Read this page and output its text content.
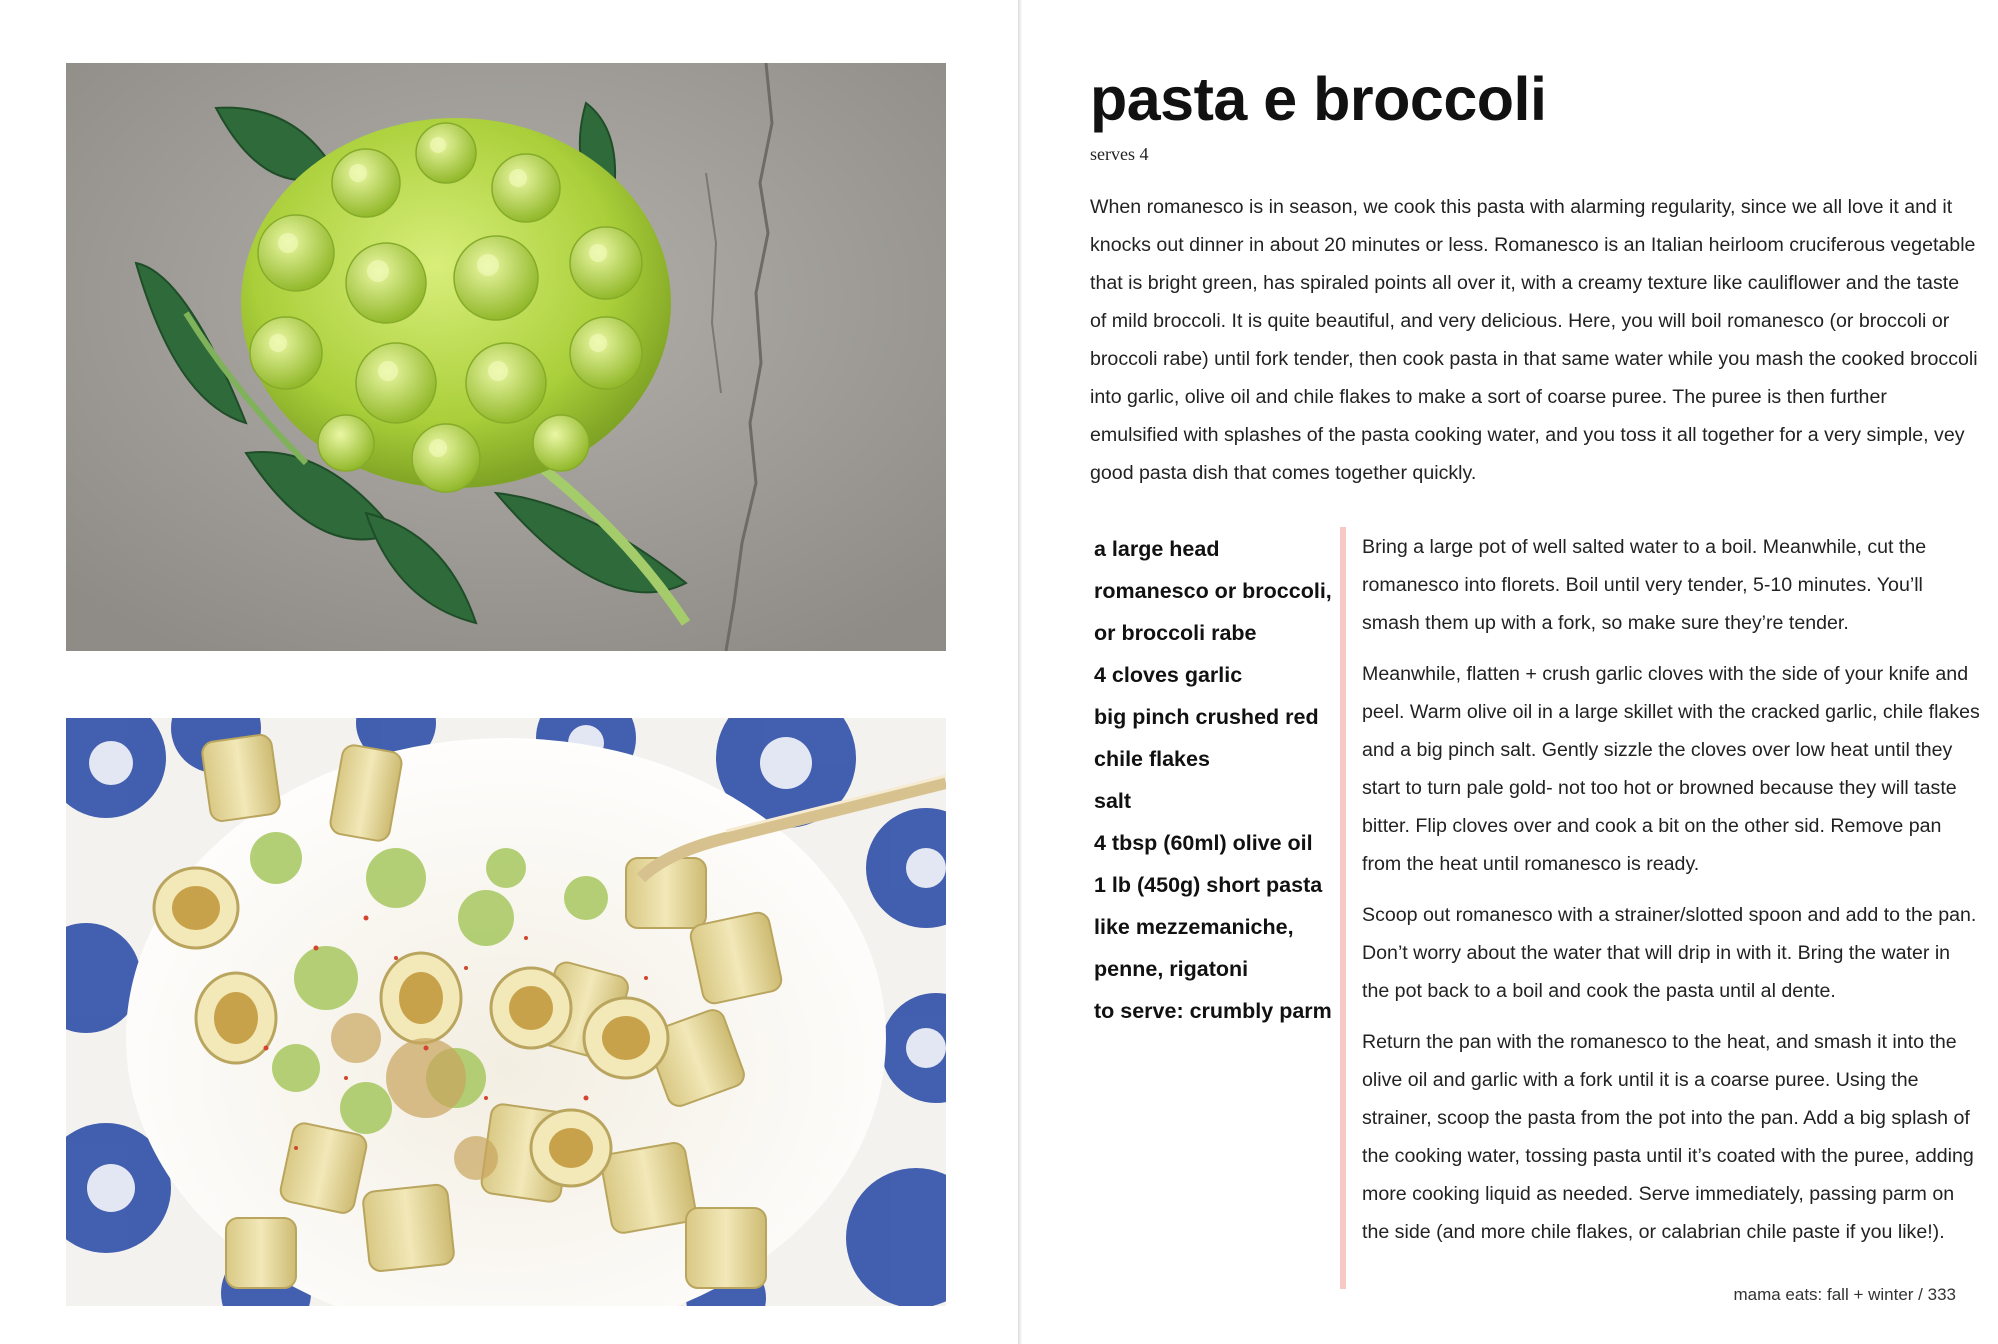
pasta e broccoli
serves 4

When romanesco is in season, we cook this pasta with alarming regularity, since we all love it and it knocks out dinner in about 20 minutes or less. Romanesco is an Italian heirloom cruciferous vegetable that is bright green, has spiraled points all over it, with a creamy texture like cauliflower and the taste of mild broccoli. It is quite beautiful, and very delicious. Here, you will boil romanesco (or broccoli or broccoli rabe) until fork tender, then cook pasta in that same water while you mash the cooked broccoli into garlic, olive oil and chile flakes to make a sort of coarse puree. The puree is then further emulsified with splashes of the pasta cooking water, and you toss it all together for a very simple, vey good pasta dish that comes together quickly.

a large head
romanesco or broccoli,
or broccoli rabe
4 cloves garlic
big pinch crushed red
chile flakes
salt
4 tbsp (60ml) olive oil
1 lb (450g) short pasta
like mezzemaniche,
penne, rigatoni
to serve: crumbly parm

Bring a large pot of well salted water to a boil. Meanwhile, cut the romanesco into florets. Boil until very tender, 5-10 minutes. You’ll smash them up with a fork, so make sure they’re tender.

Meanwhile, flatten + crush garlic cloves with the side of your knife and peel. Warm olive oil in a large skillet with the cracked garlic, chile flakes and a big pinch salt. Gently sizzle the cloves over low heat until they start to turn pale gold- not too hot or browned because they will taste bitter. Flip cloves over and cook a bit on the other sid. Remove pan from the heat until romanesco is ready.

Scoop out romanesco with a strainer/slotted spoon and add to the pan. Don’t worry about the water that will drip in with it. Bring the water in the pot back to a boil and cook the pasta until al dente.

Return the pan with the romanesco to the heat, and smash it into the olive oil and garlic with a fork until it is a coarse puree. Using the strainer, scoop the pasta from the pot into the pan. Add a big splash of the cooking water, tossing pasta until it’s coated with the puree, adding more cooking liquid as needed. Serve immediately, passing parm on the side (and more chile flakes, or calabrian chile paste if you like!).

mama eats: fall + winter / 333
